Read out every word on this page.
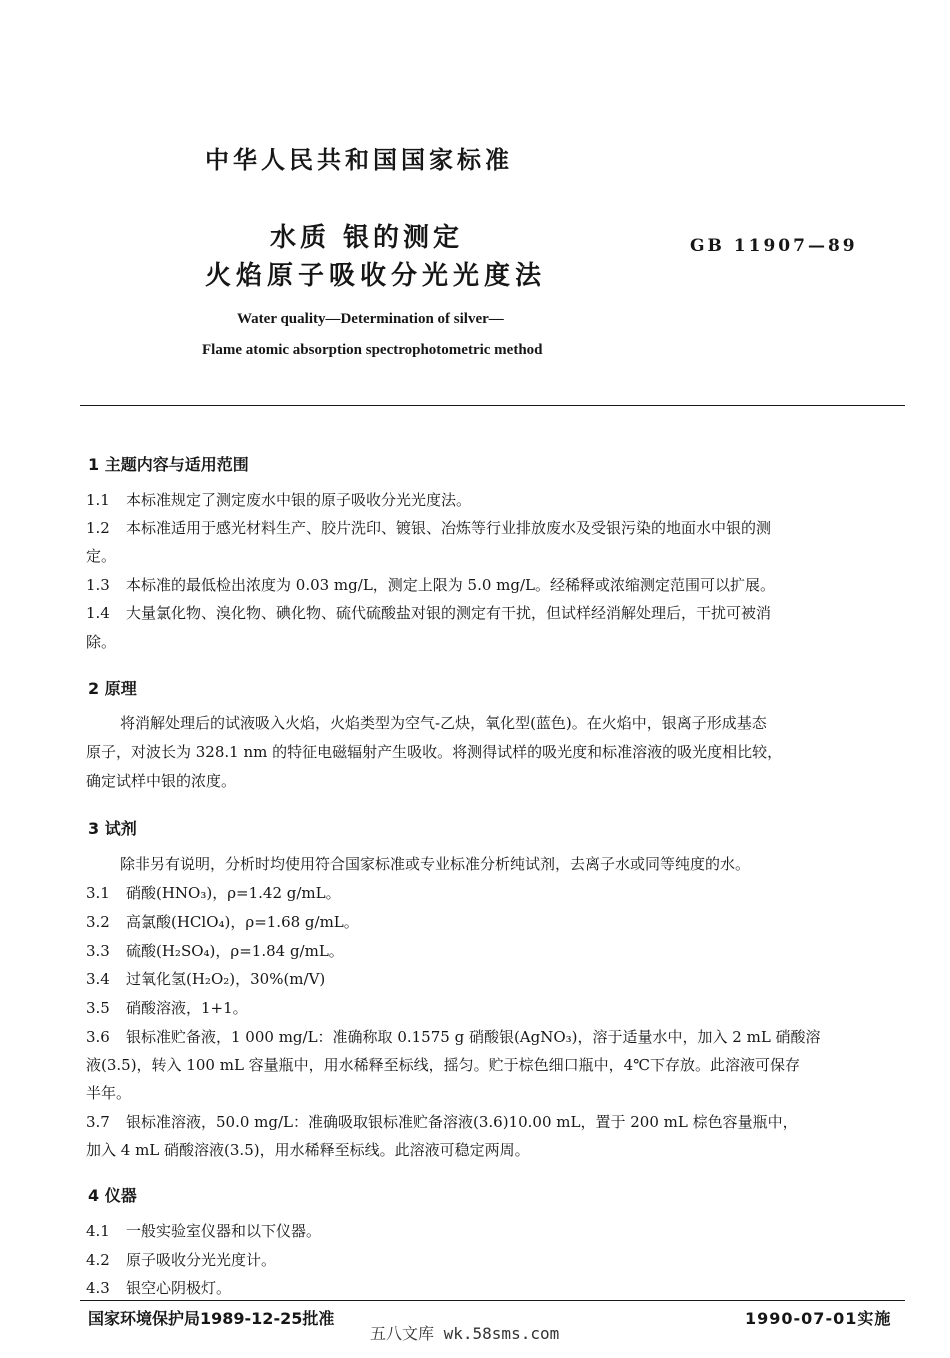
中华人民共和国国家标准
水质 银的测定
火焰原子吸收分光光度法
GB 11907—89
Water quality—Determination of silver—
Flame atomic absorption spectrophotometric method
1 主题内容与适用范围
1.1 本标准规定了测定废水中银的原子吸收分光光度法。
1.2 本标准适用于感光材料生产、胶片洗印、镀银、冶炼等行业排放废水及受银污染的地面水中银的测
定。
1.3 本标准的最低检出浓度为 0.03 mg/L，测定上限为 5.0 mg/L。经稀释或浓缩测定范围可以扩展。
1.4 大量氯化物、溴化物、碘化物、硫代硫酸盐对银的测定有干扰，但试样经消解处理后，干扰可被消
除。
2 原理
将消解处理后的试液吸入火焰，火焰类型为空气-乙炔，氧化型(蓝色)。在火焰中，银离子形成基态
原子，对波长为 328.1 nm 的特征电磁辐射产生吸收。将测得试样的吸光度和标准溶液的吸光度相比较，
确定试样中银的浓度。
3 试剂
除非另有说明，分析时均使用符合国家标准或专业标准分析纯试剂，去离子水或同等纯度的水。
3.1 硝酸(HNO₃)，ρ=1.42 g/mL。
3.2 高氯酸(HClO₄)，ρ=1.68 g/mL。
3.3 硫酸(H₂SO₄)，ρ=1.84 g/mL。
3.4 过氧化氢(H₂O₂)，30%(m/V)
3.5 硝酸溶液，1+1。
3.6 银标准贮备液，1 000 mg/L：准确称取 0.1575 g 硝酸银(AgNO₃)，溶于适量水中，加入 2 mL 硝酸溶
液(3.5)，转入 100 mL 容量瓶中，用水稀释至标线，摇匀。贮于棕色细口瓶中，4℃下存放。此溶液可保存
半年。
3.7 银标准溶液，50.0 mg/L：准确吸取银标准贮备溶液(3.6)10.00 mL，置于 200 mL 棕色容量瓶中，
加入 4 mL 硝酸溶液(3.5)，用水稀释至标线。此溶液可稳定两周。
4 仪器
4.1 一般实验室仪器和以下仪器。
4.2 原子吸收分光光度计。
4.3 银空心阴极灯。
国家环境保护局1989-12-25批准	1990-07-01实施
五八文库 wk.58sms.com
